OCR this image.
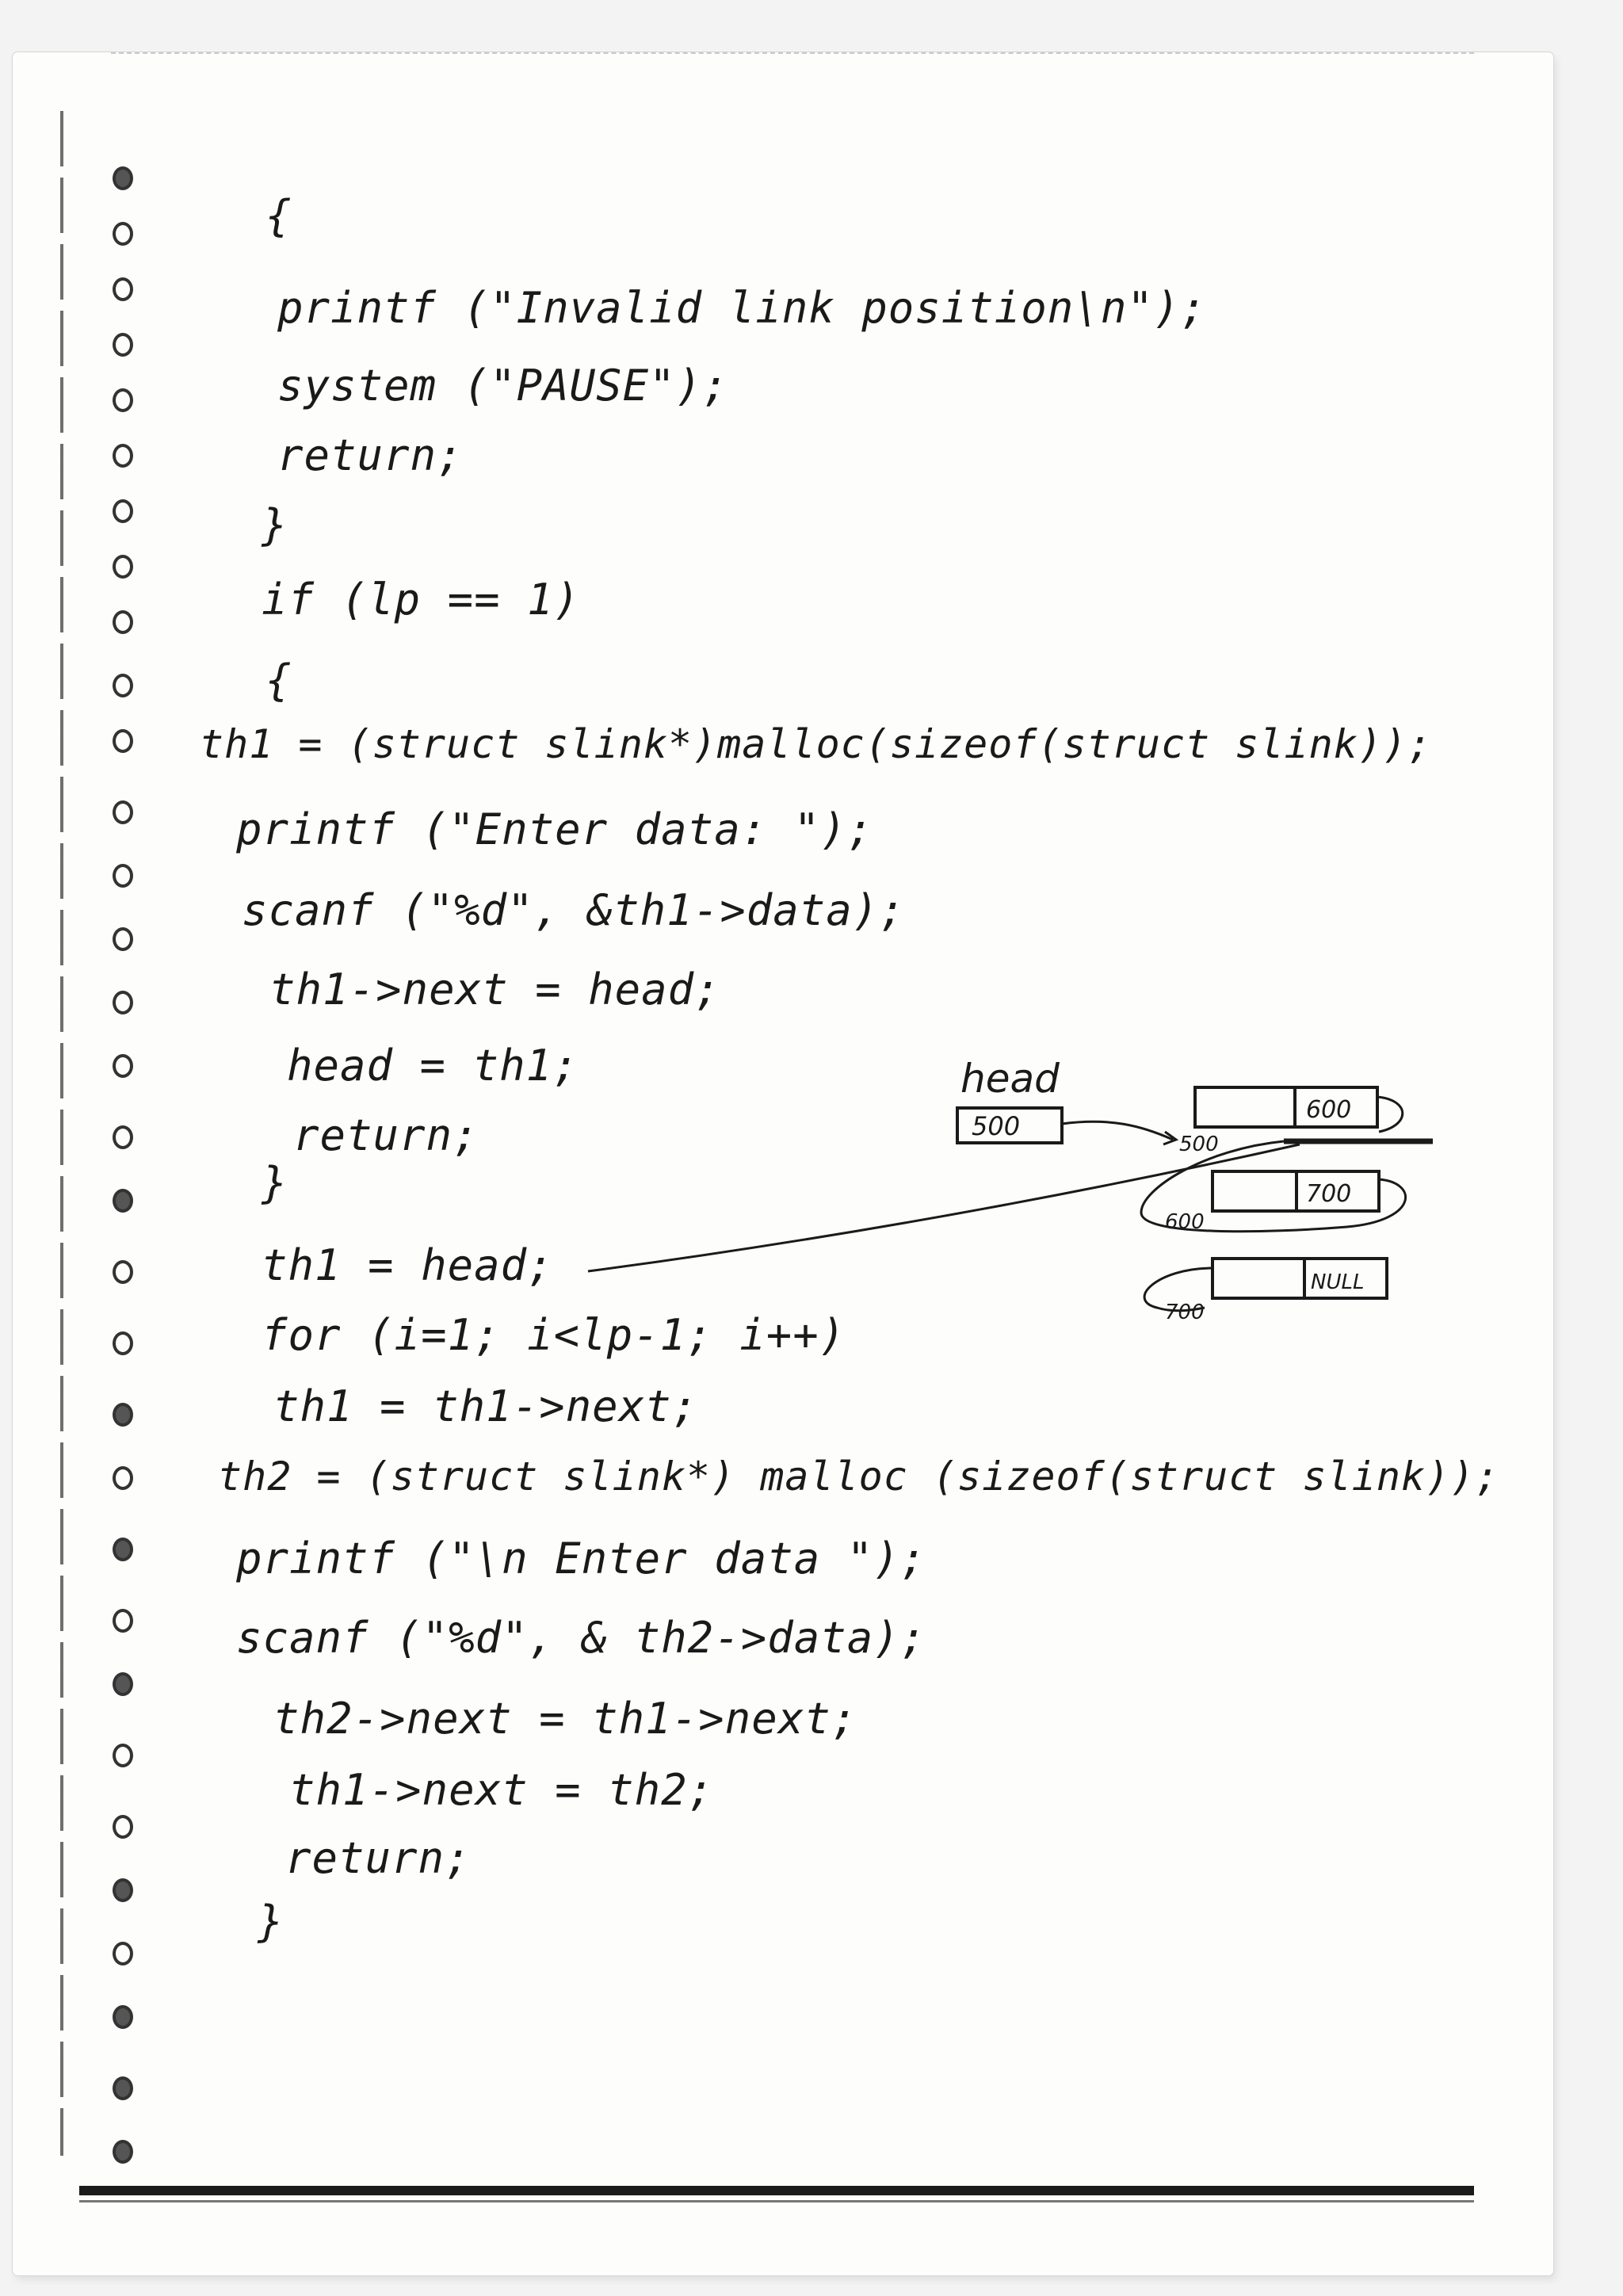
{
printf ("Invalid link position\n");
system ("PAUSE");
return;
}
if (lp == 1)
{
th1 = (struct slink*)malloc(sizeof(struct slink));
printf ("Enter data: ");
scanf ("%d", &th1->data);
th1->next = head;
head = th1;
return;
}
th1 = head;
for (i=1; i<lp-1; i++)
th1 = th1->next;
th2 = (struct slink*) malloc (sizeof(struct slink));
printf ("\n Enter data ");
scanf ("%d", & th2->data);
th2->next = th1->next;
th1->next = th2;
return;
}
head
500
500
600
600
700
700
NULL
